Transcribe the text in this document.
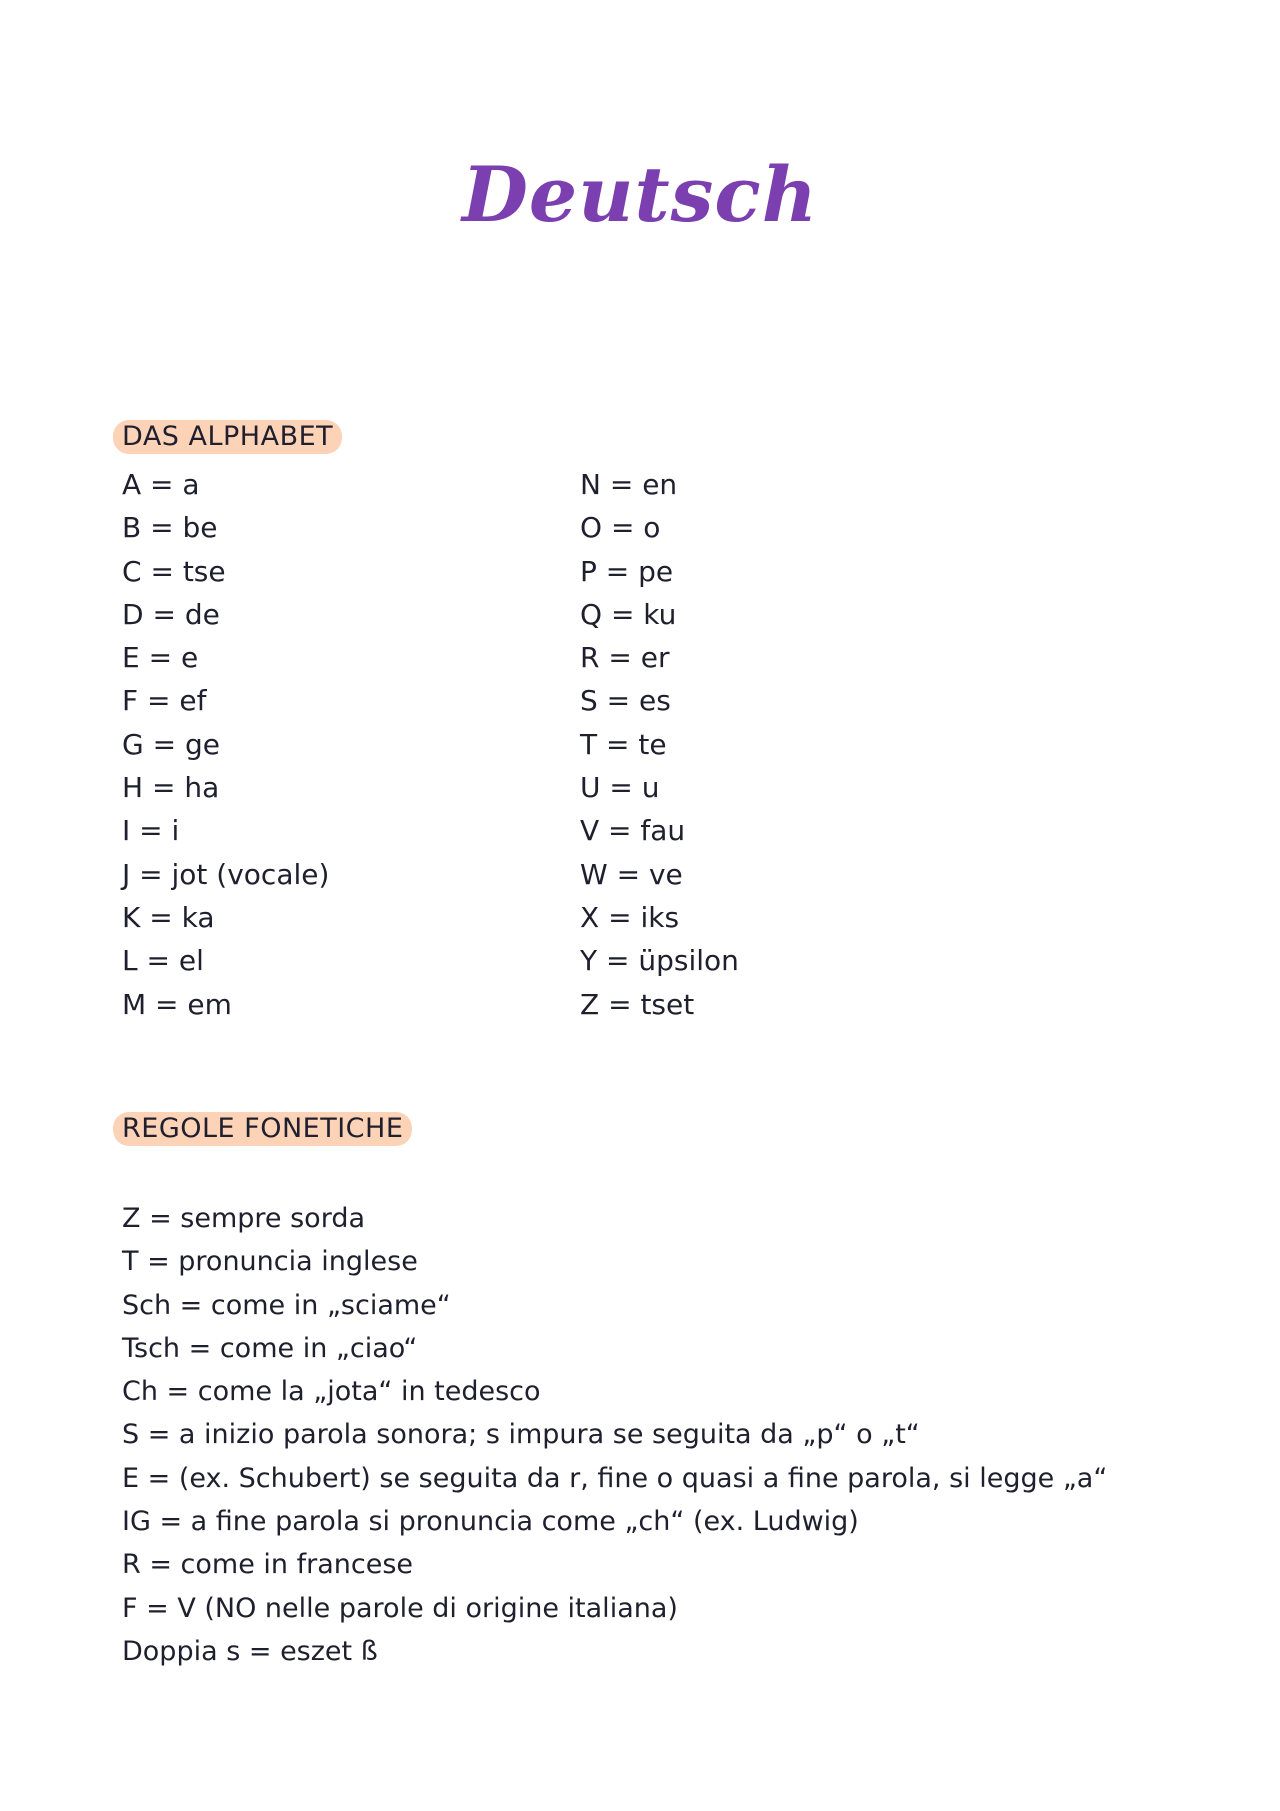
Deutsch
DAS ALPHABET
A = a
B = be
C = tse
D = de
E = e
F = ef
G = ge
H = ha
I = i
J = jot (vocale)
K = ka
L = el
M = em
N = en
O = o
P = pe
Q = ku
R = er
S = es
T = te
U = u
V = fau
W = ve
X = iks
Y = üpsilon
Z = tset
REGOLE FONETICHE
Z = sempre sorda
T = pronuncia inglese
Sch = come in „sciame“
Tsch = come in „ciao“
Ch = come la „jota“ in tedesco
S = a inizio parola sonora; s impura se seguita da „p“ o „t“
E = (ex. Schubert) se seguita da r, fine o quasi a fine parola, si legge „a“
IG = a fine parola si pronuncia come „ch“ (ex. Ludwig)
R = come in francese
F = V (NO nelle parole di origine italiana)
Doppia s = eszet ß
